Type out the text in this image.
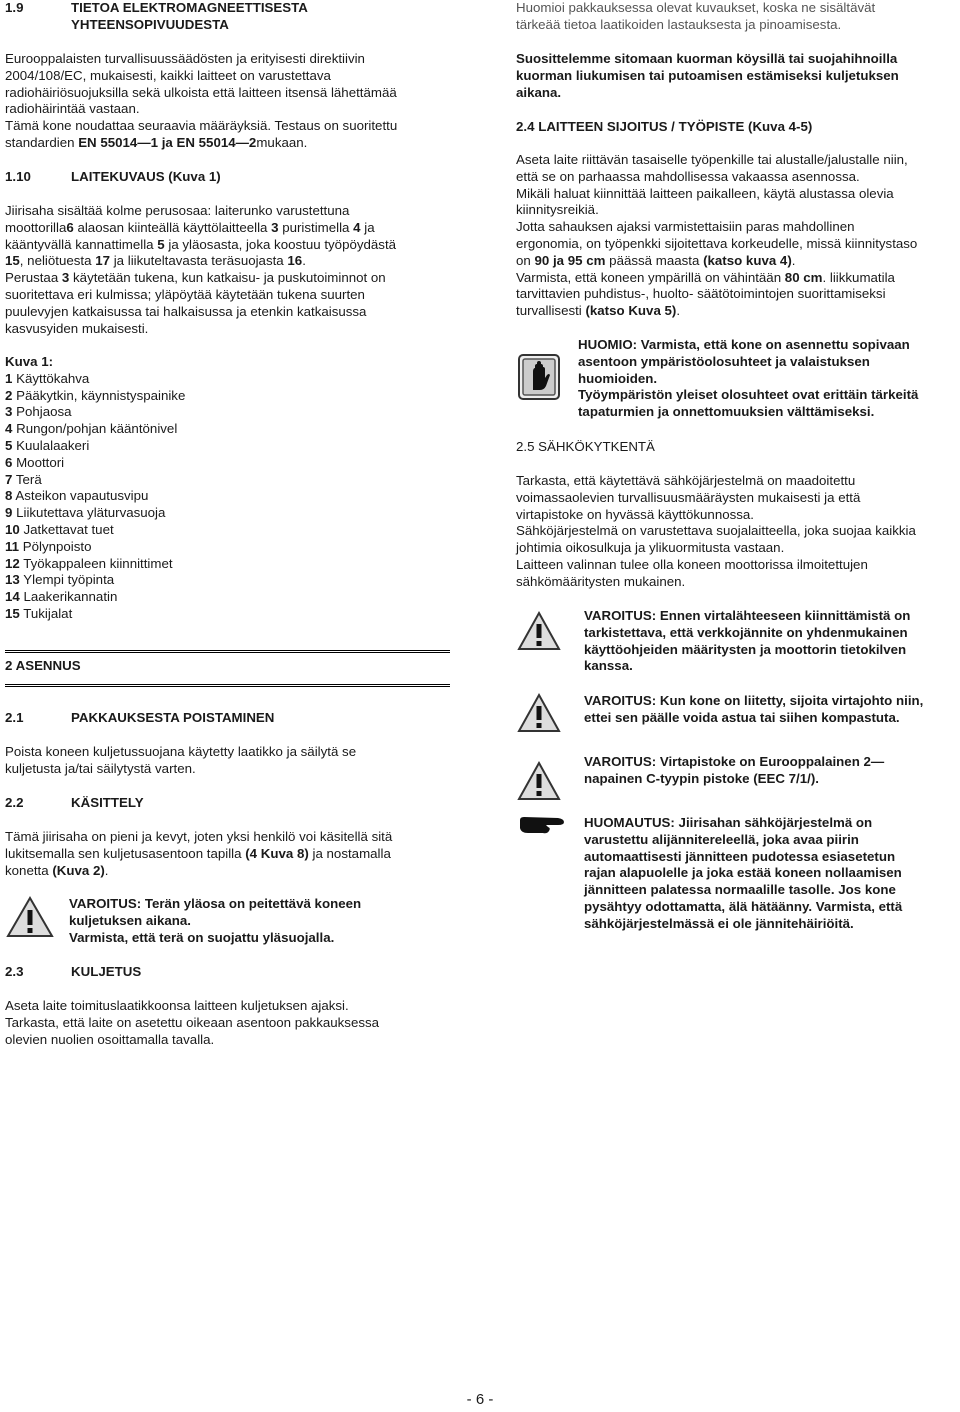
1.9	TIETOA ELEKTROMAGNEETTISESTA
YHTEENSOPIVUUDESTA

Eurooppalaisten turvallisuussäädösten ja erityisesti direktiivin

2004/108/EC, mukaisesti, kaikki laitteet on varustettava

radiohäiriösuojuksilla sekä ulkoista että laitteen itsensä lähettämää

radiohäirintää vastaan.

Tämä kone noudattaa seuraavia määräyksiä. Testaus on suoritettu

standardien EN 55014—1 ja EN 55014—2mukaan.

1.10	LAITEKUVAUS (Kuva 1)

Jiirisaha sisältää kolme perusosaa: laiterunko varustettuna

moottorilla6 alaosan kiinteällä käyttölaitteella 3 puristimella 4 ja

kääntyvällä kannattimella 5 ja yläosasta, joka koostuu työpöydästä

15, neliötuesta 17 ja liikuteltavasta teräsuojasta 16.

Perustaa 3 käytetään tukena, kun katkaisu- ja puskutoiminnot on

suoritettava eri kulmissa; yläpöytää käytetään tukena suurten

puulevyjen katkaisussa tai halkaisussa ja etenkin katkaisussa

kasvusyiden mukaisesti.

Kuva 1:

1 Käyttökahva

2 Pääkytkin, käynnistyspainike

3 Pohjaosa

4 Rungon/pohjan kääntönivel

5 Kuulalaakeri

6 Moottori

7 Terä

8 Asteikon vapautusvipu

9 Liikutettava yläturvasuoja

10 Jatkettavat tuet

11 Pölynpoisto

12 Työkappaleen kiinnittimet

13 Ylempi työpinta

14 Laakerikannatin

15 Tukijalat

2 ASENNUS

2.1	PAKKAUKSESTA POISTAMINEN

Poista koneen kuljetussuojana käytetty laatikko ja säilytä se

kuljetusta ja/tai säilytystä varten.

2.2	KÄSITTELY

Tämä jiirisaha on pieni ja kevyt, joten yksi henkilö voi käsitellä sitä

lukitsemalla sen kuljetusasentoon tapilla (4 Kuva 8) ja nostamalla

konetta (Kuva 2).

VAROITUS: Terän yläosa on peitettävä koneen

kuljetuksen aikana.

Varmista, että terä on suojattu yläsuojalla.

2.3	KULJETUS

Aseta laite toimituslaatikkoonsa laitteen kuljetuksen ajaksi.

Tarkasta, että laite on asetettu oikeaan asentoon pakkauksessa

olevien nuolien osoittamalla tavalla.

Huomioi pakkauksessa olevat kuvaukset, koska ne sisältävät

tärkeää tietoa laatikoiden lastauksesta ja pinoamisesta.

Suosittelemme sitomaan kuorman köysillä tai suojahihnoilla

kuorman liukumisen tai putoamisen estämiseksi kuljetuksen

aikana.

2.4 LAITTEEN SIJOITUS / TYÖPISTE (Kuva 4-5)

Aseta laite riittävän tasaiselle työpenkille tai alustalle/jalustalle niin,

että se on parhaassa mahdollisessa vakaassa asennossa.

Mikäli haluat kiinnittää laitteen paikalleen, käytä alustassa olevia

kiinnitysreikiä.

Jotta sahauksen ajaksi varmistettaisiin paras mahdollinen

ergonomia, on työpenkki sijoitettava korkeudelle, missä kiinnitystaso

on 90 ja 95 cm päässä maasta (katso kuva 4).

Varmista, että koneen ympärillä on vähintään 80 cm. liikkumatila

tarvittavien puhdistus-, huolto- säätötoimintojen suorittamiseksi

turvallisesti (katso Kuva 5).

HUOMIO: Varmista, että kone on asennettu sopivaan

asentoon ympäristöolosuhteet ja valaistuksen

huomioiden.

Työympäristön yleiset olosuhteet ovat erittäin tärkeitä

tapaturmien ja onnettomuuksien välttämiseksi.

2.5 SÄHKÖKYTKENTÄ

Tarkasta, että käytettävä sähköjärjestelmä on maadoitettu

voimassaolevien turvallisuusmääräysten mukaisesti ja että

virtapistoke on hyvässä käyttökunnossa.

Sähköjärjestelmä on varustettava suojalaitteella, joka suojaa kaikkia

johtimia oikosulkuja ja ylikuormitusta vastaan.

Laitteen valinnan tulee olla koneen moottorissa ilmoitettujen

sähkömääritysten mukainen.

VAROITUS: Ennen virtalähteeseen kiinnittämistä on

tarkistettava, että verkkojännite on yhdenmukainen

käyttöohjeiden määritysten ja moottorin tietokilven

kanssa.

VAROITUS: Kun kone on liitetty, sijoita virtajohto niin,

ettei sen päälle voida astua tai siihen kompastuta.

VAROITUS: Virtapistoke on Eurooppalainen 2—

napainen C-tyypin pistoke (EEC 7/1/).

HUOMAUTUS: Jiirisahan sähköjärjestelmä on

varustettu alijännitereleellä, joka avaa piirin

automaattisesti jännitteen pudotessa esiasetetun

rajan alapuolelle ja joka estää koneen nollaamisen

jännitteen palatessa normaalille tasolle. Jos kone

pysähtyy odottamatta, älä hätäänny. Varmista, että

sähköjärjestelmässä ei ole jännitehäiriöitä.

- 6 -
